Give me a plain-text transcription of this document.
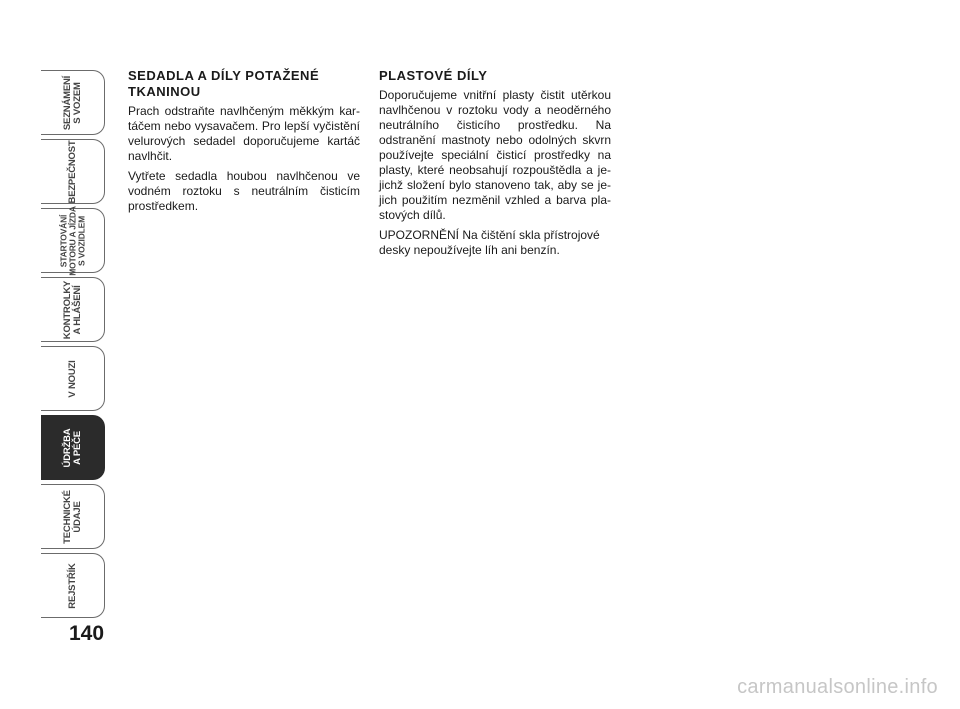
SEZNÁMENÍ
S VOZEM
BEZPEČNOST
STARTOVÁNÍ
MOTORU A JÍZDA
S VOZIDLEM
KONTROLKY
A HLÁŠENÍ
V NOUZI
ÚDRŽBA
A PÉČE
TECHNICKÉ
ÚDAJE
REJSTŘÍK
140
SEDADLA A DÍLY POTAŽENÉ TKANINOU

Prach odstraňte navlhčeným měkkým kartáčem nebo vysavačem. Pro lepší vyčistění velurových sedadel doporučujeme kartáč navlhčit.

Vytřete sedadla houbou navlhčenou ve vodném roztoku s neutrálním čisticím prostředkem.

PLASTOVÉ DÍLY

Doporučujeme vnitřní plasty čistit utěrkou navlhčenou v roztoku vody a neoděrného neutrálního čisticího prostředku. Na odstranění mastnoty nebo odolných skvrn používejte speciální čisticí prostředky na plasty, které neobsahují rozpouštědla a jejichž složení bylo stanoveno tak, aby se jejich použitím nezměnil vzhled a barva plastových dílů.

UPOZORNĚNÍ Na čištění skla přístrojové desky nepoužívejte líh ani benzín.

carmanualsonline.info
